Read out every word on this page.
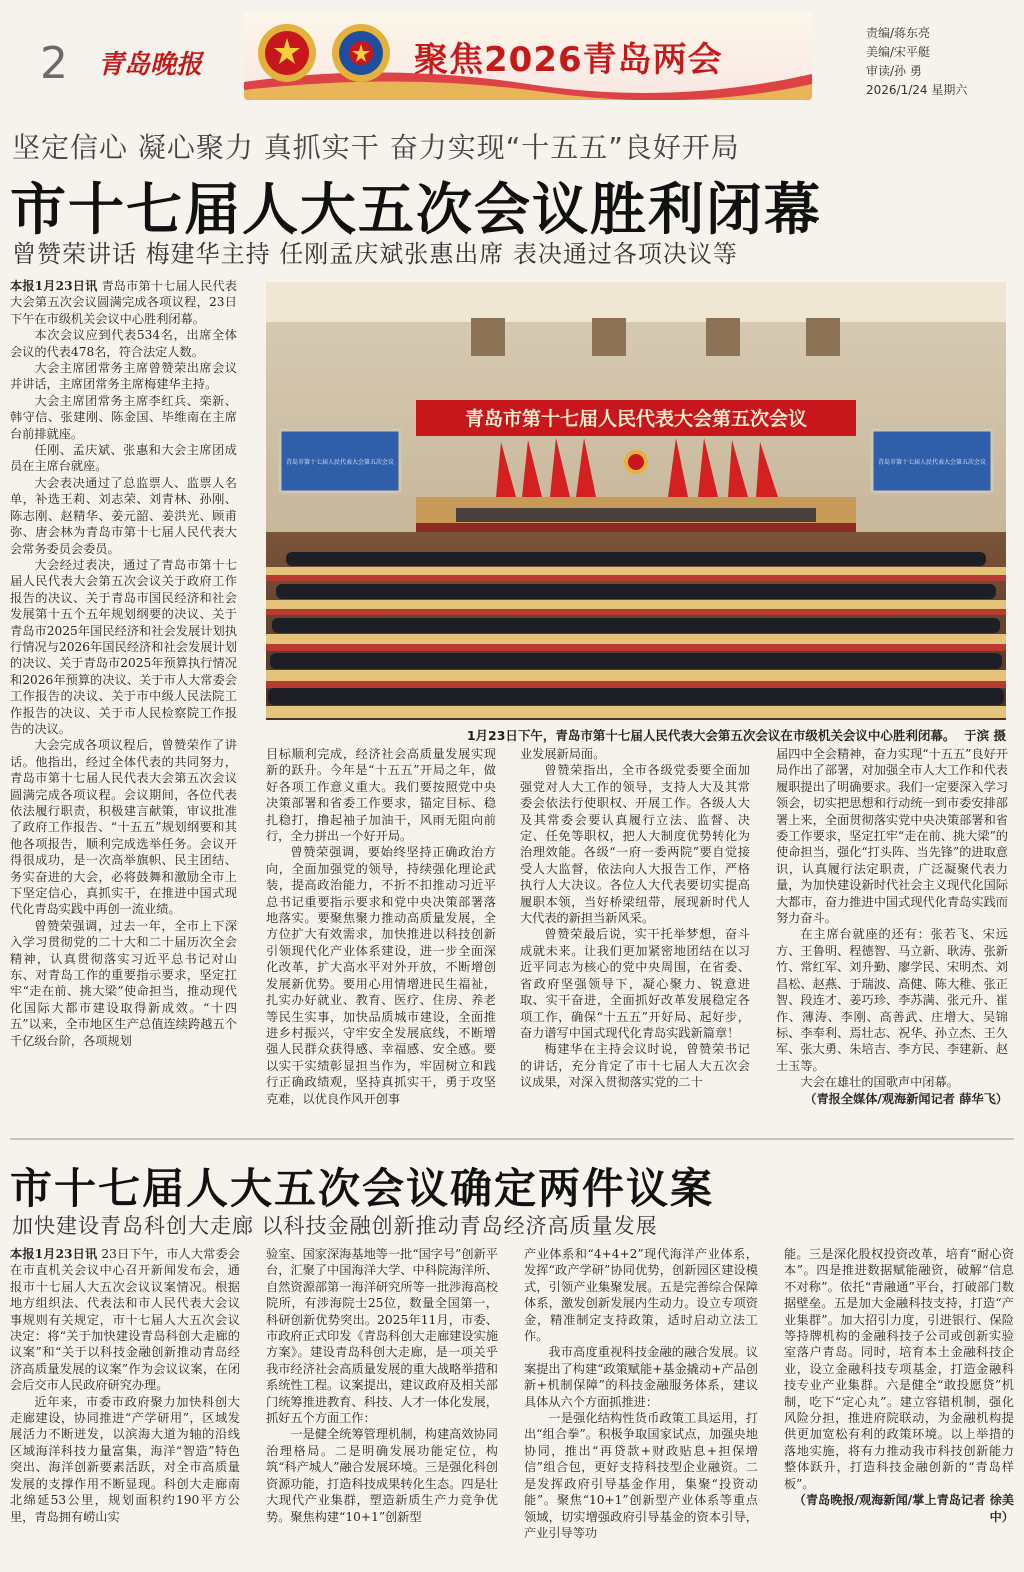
2 青岛晚报	聚焦2026青岛两会
责编/蒋东亮
美编/宋平艇
审读/孙 勇
2026/1/24 星期六
坚定信心 凝心聚力 真抓实干 奋力实现“十五五”良好开局
市十七届人大五次会议胜利闭幕
曾赞荣讲话 梅建华主持 任刚孟庆斌张惠出席 表决通过各项决议等

本报1月23日讯 青岛市第十七届人民代表大会第五次会议圆满完成各项议程，23日下午在市级机关会议中心胜利闭幕。

本次会议应到代表534名，出席全体会议的代表478名，符合法定人数。

大会主席团常务主席曾赞荣出席会议并讲话，主席团常务主席梅建华主持。

大会主席团常务主席李红兵、栾新、韩守信、张建刚、陈金国、毕维南在主席台前排就座。

任刚、孟庆斌、张惠和大会主席团成员在主席台就座。

大会表决通过了总监票人、监票人名单，补选王莉、刘志荣、刘青林、孙刚、陈志刚、赵精华、姜元韶、姜洪光、顾甫弥、唐会林为青岛市第十七届人民代表大会常务委员会委员。

大会经过表决，通过了青岛市第十七届人民代表大会第五次会议关于政府工作报告的决议、关于青岛市国民经济和社会发展第十五个五年规划纲要的决议、关于青岛市2025年国民经济和社会发展计划执行情况与2026年国民经济和社会发展计划的决议、关于青岛市2025年预算执行情况和2026年预算的决议、关于市人大常委会工作报告的决议、关于市中级人民法院工作报告的决议、关于市人民检察院工作报告的决议。

大会完成各项议程后，曾赞荣作了讲话。他指出，经过全体代表的共同努力，青岛市第十七届人民代表大会第五次会议圆满完成各项议程。会议期间，各位代表依法履行职责，积极建言献策，审议批准了政府工作报告、“十五五”规划纲要和其他各项报告，顺利完成选举任务。会议开得很成功，是一次高举旗帜、民主团结、务实奋进的大会，必将鼓舞和激励全市上下坚定信心，真抓实干，在推进中国式现代化青岛实践中再创一流业绩。

曾赞荣强调，过去一年，全市上下深入学习贯彻党的二十大和二十届历次全会精神，认真贯彻落实习近平总书记对山东、对青岛工作的重要指示要求，坚定扛牢“走在前、挑大梁”使命担当，推动现代化国际大都市建设取得新成效。“十四五”以来，全市地区生产总值连续跨越五个千亿级台阶，各项规划

青岛市第十七届人民代表大会第五次会议
青岛市第十七届人民代表大会第五次会议	青岛市第十七届人民代表大会第五次会议
1月23日下午，青岛市第十七届人民代表大会第五次会议在市级机关会议中心胜利闭幕。 于滨 摄

目标顺利完成，经济社会高质量发展实现新的跃升。今年是“十五五”开局之年，做好各项工作意义重大。我们要按照党中央决策部署和省委工作要求，锚定目标、稳扎稳打，撸起袖子加油干，风雨无阻向前行，全力拼出一个好开局。

曾赞荣强调，要始终坚持正确政治方向，全面加强党的领导，持续强化理论武装，提高政治能力，不折不扣推动习近平总书记重要指示要求和党中央决策部署落地落实。要聚焦聚力推动高质量发展，全方位扩大有效需求，加快推进以科技创新引领现代化产业体系建设，进一步全面深化改革，扩大高水平对外开放，不断增创发展新优势。要用心用情增进民生福祉，扎实办好就业、教育、医疗、住房、养老等民生实事，加快品质城市建设，全面推进乡村振兴，守牢安全发展底线，不断增强人民群众获得感、幸福感、安全感。要以实干实绩彰显担当作为，牢固树立和践行正确政绩观，坚持真抓实干，勇于攻坚克难，以优良作风开创事

业发展新局面。

曾赞荣指出，全市各级党委要全面加强党对人大工作的领导，支持人大及其常委会依法行使职权、开展工作。各级人大及其常委会要认真履行立法、监督、决定、任免等职权，把人大制度优势转化为治理效能。各级“一府一委两院”要自觉接受人大监督，依法向人大报告工作，严格执行人大决议。各位人大代表要切实提高履职本领，当好桥梁纽带，展现新时代人大代表的新担当新风采。

曾赞荣最后说，实干托举梦想，奋斗成就未来。让我们更加紧密地团结在以习近平同志为核心的党中央周围，在省委、省政府坚强领导下，凝心聚力、锐意进取、实干奋进，全面抓好改革发展稳定各项工作，确保“十五五”开好局、起好步，奋力谱写中国式现代化青岛实践新篇章！

梅建华在主持会议时说，曾赞荣书记的讲话，充分肯定了市十七届人大五次会议成果，对深入贯彻落实党的二十

届四中全会精神，奋力实现“十五五”良好开局作出了部署，对加强全市人大工作和代表履职提出了明确要求。我们一定要深入学习领会，切实把思想和行动统一到市委安排部署上来，全面贯彻落实党中央决策部署和省委工作要求，坚定扛牢“走在前、挑大梁”的使命担当，强化“打头阵、当先锋”的进取意识，认真履行法定职责，广泛凝聚代表力量，为加快建设新时代社会主义现代化国际大都市，奋力推进中国式现代化青岛实践而努力奋斗。

在主席台就座的还有：张若飞、宋远方、王鲁明、程德智、马立新、耿涛、张新竹、常红军、刘升勤、廖学民、宋明杰、刘昌松、赵燕、于瑞波、高健、陈大稚、张正智、段连才、姜巧珍、李苏满、张元升、崔作、薄涛、李刚、高善武、庄增大、吴锦标、李奉利、焉壮志、祝华、孙立杰、王久军、张大勇、朱培吉、李方民、李建新、赵士玉等。

大会在雄壮的国歌声中闭幕。

（青报全媒体/观海新闻记者 薛华飞）
市十七届人大五次会议确定两件议案
加快建设青岛科创大走廊 以科技金融创新推动青岛经济高质量发展

本报1月23日讯 23日下午，市人大常委会在市直机关会议中心召开新闻发布会，通报市十七届人大五次会议议案情况。根据地方组织法、代表法和市人民代表大会议事规则有关规定，市十七届人大五次会议决定：将“关于加快建设青岛科创大走廊的议案”和“关于以科技金融创新推动青岛经济高质量发展的议案”作为会议议案，在闭会后交市人民政府研究办理。

近年来，市委市政府聚力加快科创大走廊建设，协同推进“产学研用”，区域发展活力不断迸发，以滨海大道为轴的沿线区域海洋科技力量富集，海洋“智造”特色突出、海洋创新要素活跃，对全市高质量发展的支撑作用不断显现。科创大走廊南北绵延53公里，规划面积约190平方公里，青岛拥有崂山实

验室、国家深海基地等一批“国字号”创新平台，汇聚了中国海洋大学、中科院海洋所、自然资源部第一海洋研究所等一批涉海高校院所，有涉海院士25位，数量全国第一，科研创新优势突出。2025年11月，市委、市政府正式印发《青岛科创大走廊建设实施方案》。建设青岛科创大走廊，是一项关乎我市经济社会高质量发展的重大战略举措和系统性工程。议案提出，建议政府及相关部门统筹推进教育、科技、人才一体化发展，抓好五个方面工作：

一是健全统筹管理机制，构建高效协同治理格局。二是明确发展功能定位，构筑“科产城人”融合发展环境。三是强化科创资源功能，打造科技成果转化生态。四是壮大现代产业集群，塑造新质生产力竞争优势。聚焦构建“10+1”创新型

产业体系和“4+4+2”现代海洋产业体系，发挥“政产学研”协同优势，创新园区建设模式，引领产业集聚发展。五是完善综合保障体系，激发创新发展内生动力。设立专项资金，精准制定支持政策，适时启动立法工作。

我市高度重视科技金融的融合发展。议案提出了构建“政策赋能+基金撬动+产品创新+机制保障”的科技金融服务体系，建议具体从六个方面抓推进：

一是强化结构性货币政策工具运用，打出“组合拳”。积极争取国家试点，加强央地协同，推出“再贷款+财政贴息+担保增信”组合包，更好支持科技型企业融资。二是发挥政府引导基金作用，集聚“投资动能”。聚焦“10+1”创新型产业体系等重点领域，切实增强政府引导基金的资本引导，产业引导等功

能。三是深化股权投资改革，培育“耐心资本”。四是推进数据赋能融资，破解“信息不对称”。依托“青融通”平台，打破部门数据壁垒。五是加大金融科技支持，打造“产业集群”。加大招引力度，引进银行、保险等持牌机构的金融科技子公司或创新实验室落户青岛。同时，培育本土金融科技企业，设立金融科技专项基金，打造金融科技专业产业集群。六是健全“敢投愿贷”机制，吃下“定心丸”。建立容错机制，强化风险分担，推进府院联动，为金融机构提供更加宽松有利的政策环境。以上举措的落地实施，将有力推动我市科技创新能力整体跃升，打造科技金融创新的“青岛样板”。

（青岛晚报/观海新闻/掌上青岛记者 徐美中）
